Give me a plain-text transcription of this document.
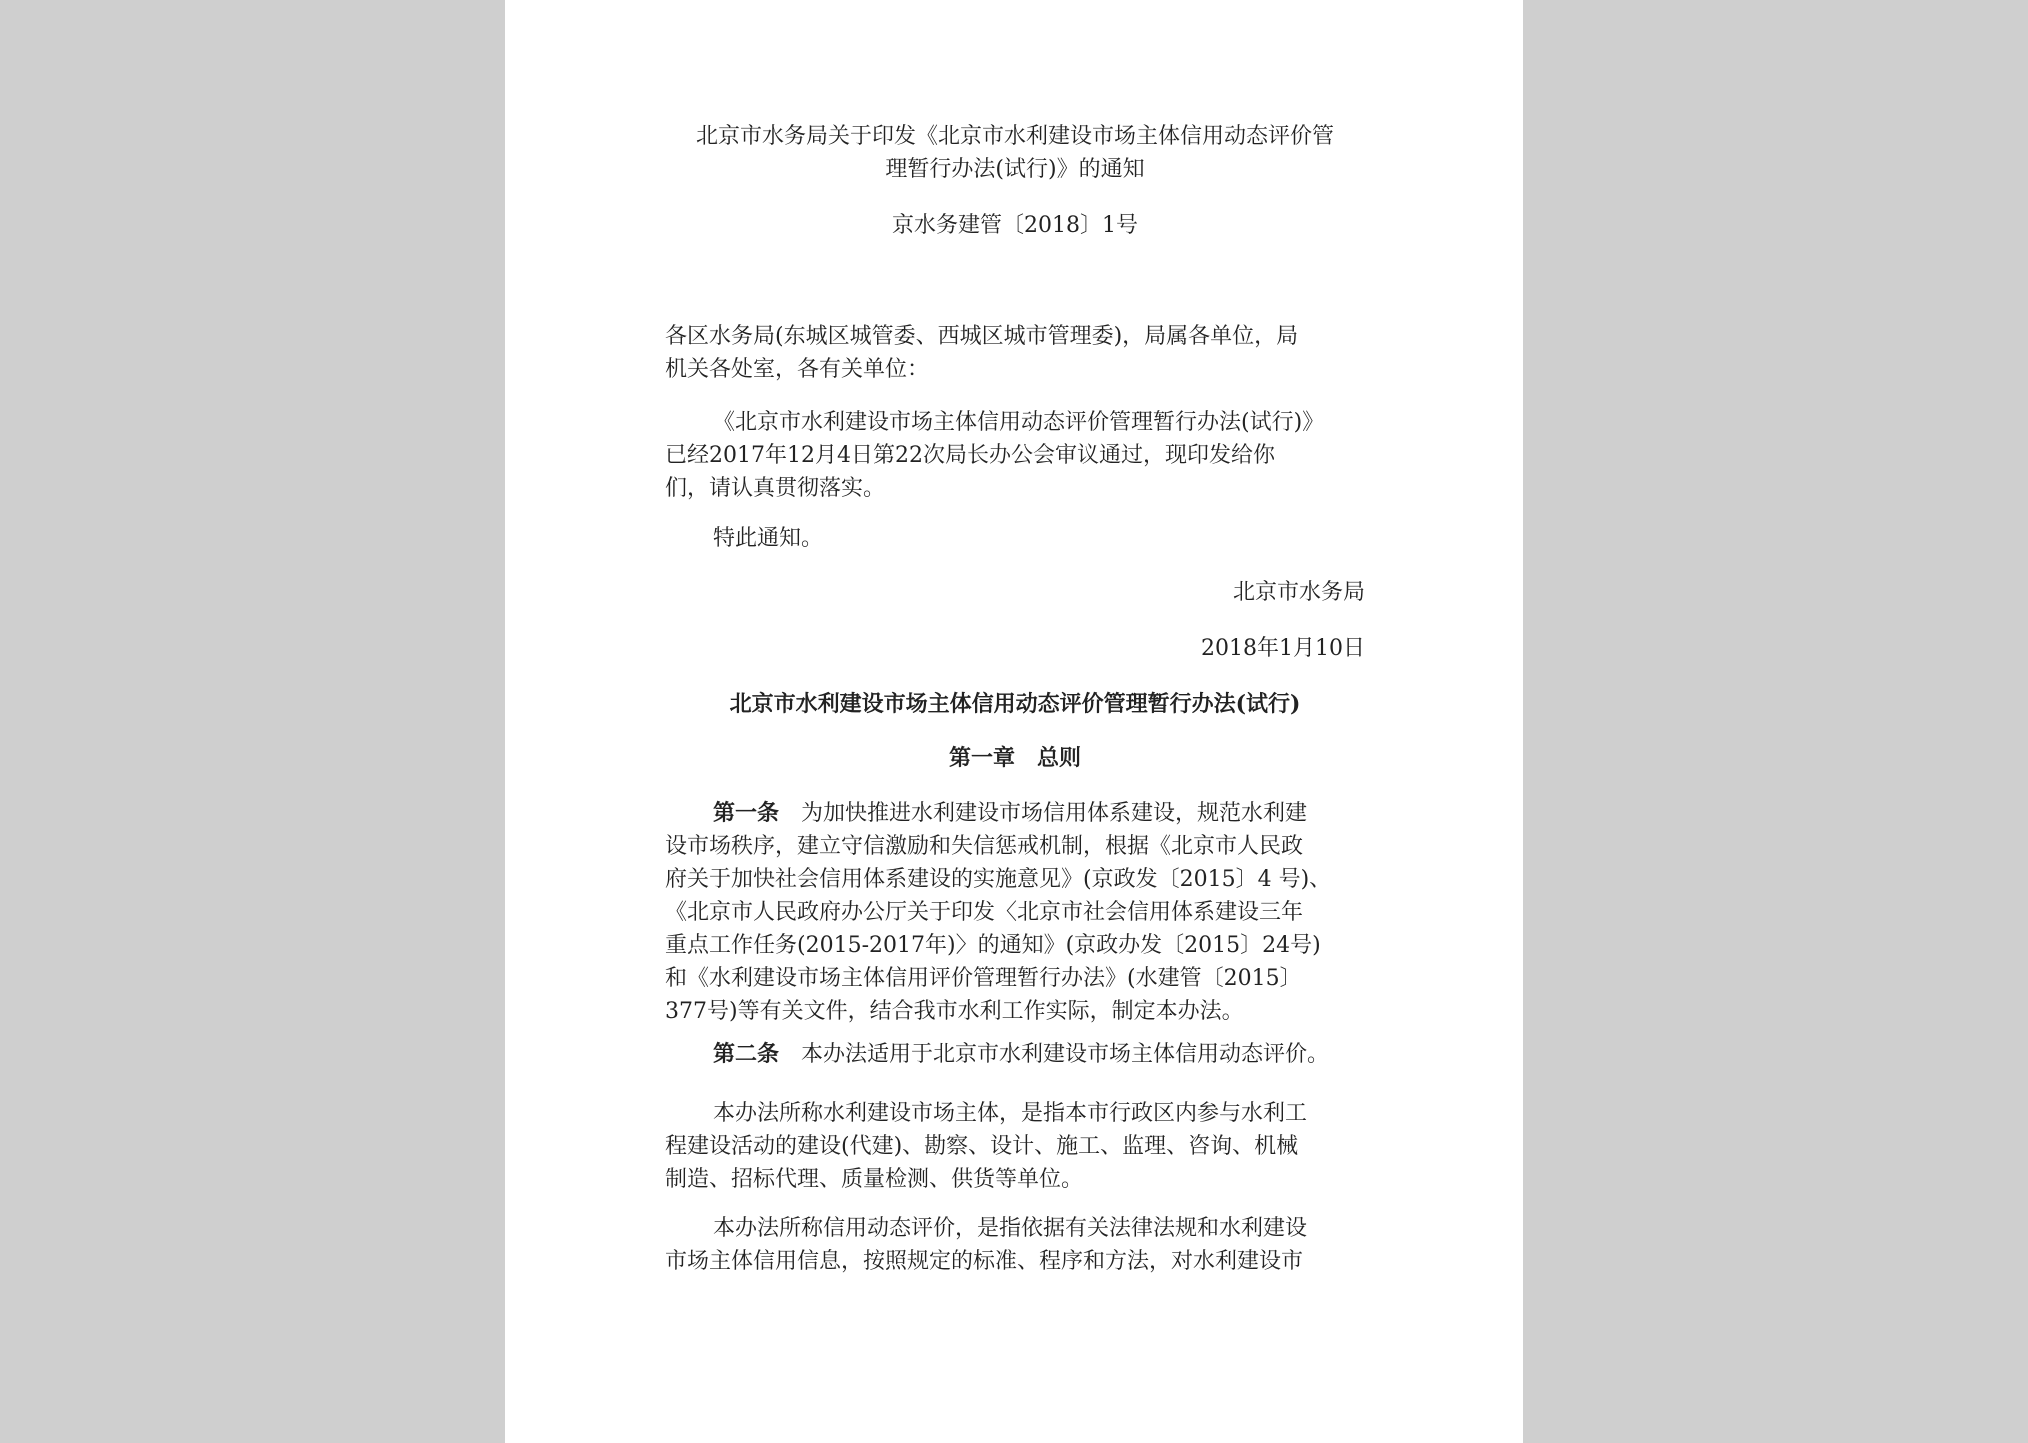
北京市水务局关于印发《北京市水利建设市场主体信用动态评价管
理暂行办法(试行)》的通知
京水务建管〔2018〕1号
各区水务局(东城区城管委、西城区城市管理委)，局属各单位，局
机关各处室，各有关单位：
《北京市水利建设市场主体信用动态评价管理暂行办法(试行)》
已经2017年12月4日第22次局长办公会审议通过，现印发给你
们，请认真贯彻落实。
特此通知。
北京市水务局
2018年1月10日
北京市水利建设市场主体信用动态评价管理暂行办法(试行)
第一章　总则
第一条 为加快推进水利建设市场信用体系建设，规范水利建
设市场秩序，建立守信激励和失信惩戒机制，根据《北京市人民政
府关于加快社会信用体系建设的实施意见》(京政发〔2015〕4 号)、
《北京市人民政府办公厅关于印发〈北京市社会信用体系建设三年
重点工作任务(2015-2017年)〉的通知》(京政办发〔2015〕24号)
和《水利建设市场主体信用评价管理暂行办法》(水建管〔2015〕
377号)等有关文件，结合我市水利工作实际，制定本办法。
第二条 本办法适用于北京市水利建设市场主体信用动态评价。
本办法所称水利建设市场主体，是指本市行政区内参与水利工
程建设活动的建设(代建)、勘察、设计、施工、监理、咨询、机械
制造、招标代理、质量检测、供货等单位。
本办法所称信用动态评价，是指依据有关法律法规和水利建设
市场主体信用信息，按照规定的标准、程序和方法，对水利建设市
